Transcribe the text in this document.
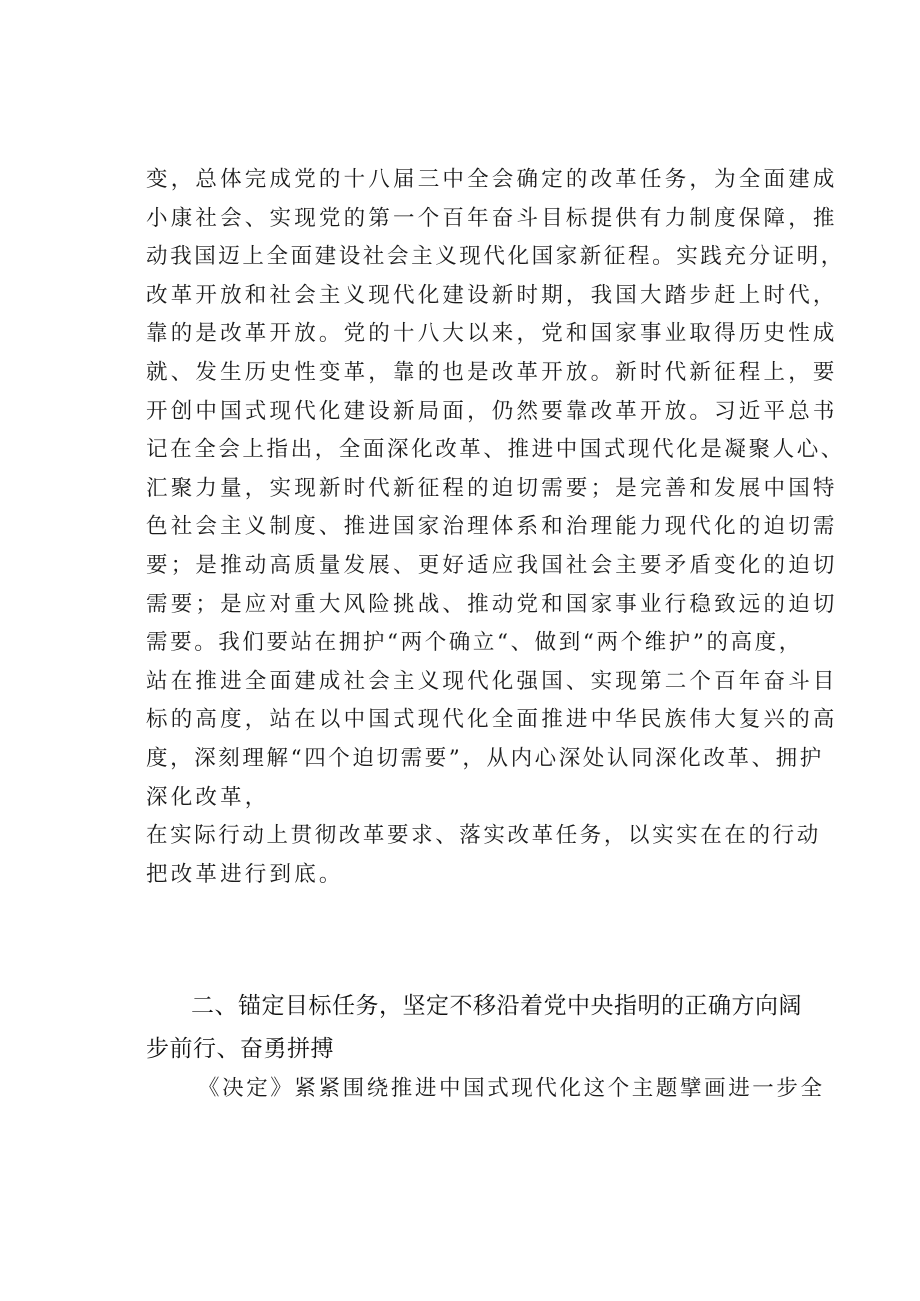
变，总体完成党的十八届三中全会确定的改革任务，为全面建成
小康社会、实现党的第一个百年奋斗目标提供有力制度保障，推
动我国迈上全面建设社会主义现代化国家新征程。实践充分证明，
改革开放和社会主义现代化建设新时期，我国大踏步赶上时代，
靠的是改革开放。党的十八大以来，党和国家事业取得历史性成
就、发生历史性变革，靠的也是改革开放。新时代新征程上，要
开创中国式现代化建设新局面，仍然要靠改革开放。习近平总书
记在全会上指出，全面深化改革、推进中国式现代化是凝聚人心、
汇聚力量，实现新时代新征程的迫切需要；是完善和发展中国特
色社会主义制度、推进国家治理体系和治理能力现代化的迫切需
要；是推动高质量发展、更好适应我国社会主要矛盾变化的迫切
需要；是应对重大风险挑战、推动党和国家事业行稳致远的迫切
需要。我们要站在拥护“两个确立“、做到“两个维护”的高度，
站在推进全面建成社会主义现代化强国、实现第二个百年奋斗目
标的高度，站在以中国式现代化全面推进中华民族伟大复兴的高
度，深刻理解“四个迫切需要”，从内心深处认同深化改革、拥护
深化改革，
在实际行动上贯彻改革要求、落实改革任务，以实实在在的行动
把改革进行到底。
二、锚定目标任务，坚定不移沿着党中央指明的正确方向阔
步前行、奋勇拼搏
《决定》紧紧围绕推进中国式现代化这个主题擘画进一步全
